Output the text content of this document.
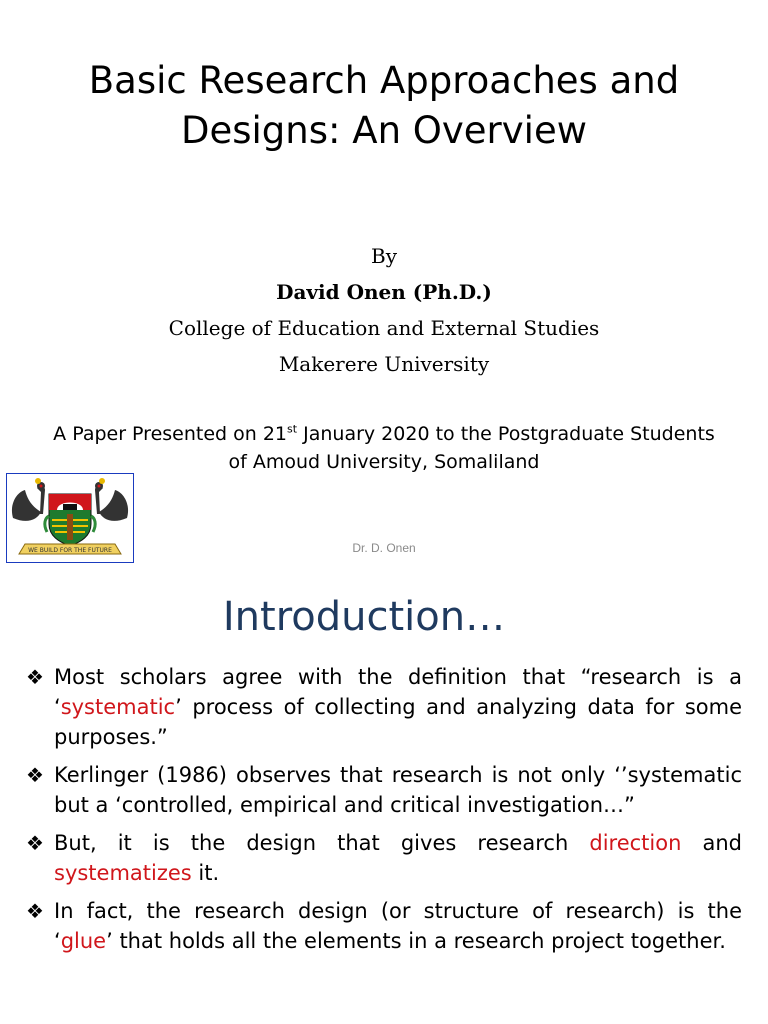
Basic Research Approaches and
Designs: An Overview
By
David Onen (Ph.D.)
College of Education and External Studies
Makerere University
A Paper Presented on 21st January 2020 to the Postgraduate Students
of Amoud University, Somaliland
WE BUILD FOR THE FUTURE	Dr. D. Onen
Introduction…
❖ Most scholars agree with the definition that “research is a ‘systematic’ process of collecting and analyzing data for some purposes.”
❖ Kerlinger (1986) observes that research is not only ‘’systematic but a ‘controlled, empirical and critical investigation…”
❖ But, it is the design that gives research direction and systematizes it.
❖ In fact, the research design (or structure of research) is the ‘glue’ that holds all the elements in a research project together.
